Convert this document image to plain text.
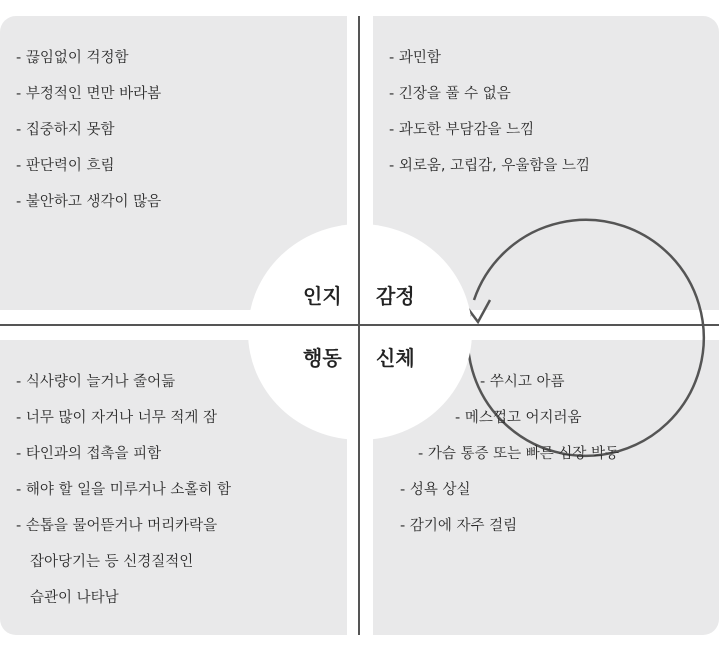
인지 감정
행동 신체
- 끊임없이 걱정함
- 부정적인 면만 바라봄
- 집중하지 못함
- 판단력이 흐림
- 불안하고 생각이 많음
- 과민함
- 긴장을 풀 수 없음
- 과도한 부담감을 느낌
- 외로움, 고립감, 우울함을 느낌
- 식사량이 늘거나 줄어듦
- 너무 많이 자거나 너무 적게 잠
- 타인과의 접촉을 피함
- 해야 할 일을 미루거나 소홀히 함
- 손톱을 물어뜯거나 머리카락을
잡아당기는 등 신경질적인
습관이 나타남
- 쑤시고 아픔
- 메스껍고 어지러움
- 가슴 통증 또는 빠른 심장 박동
- 성욕 상실
- 감기에 자주 걸림
